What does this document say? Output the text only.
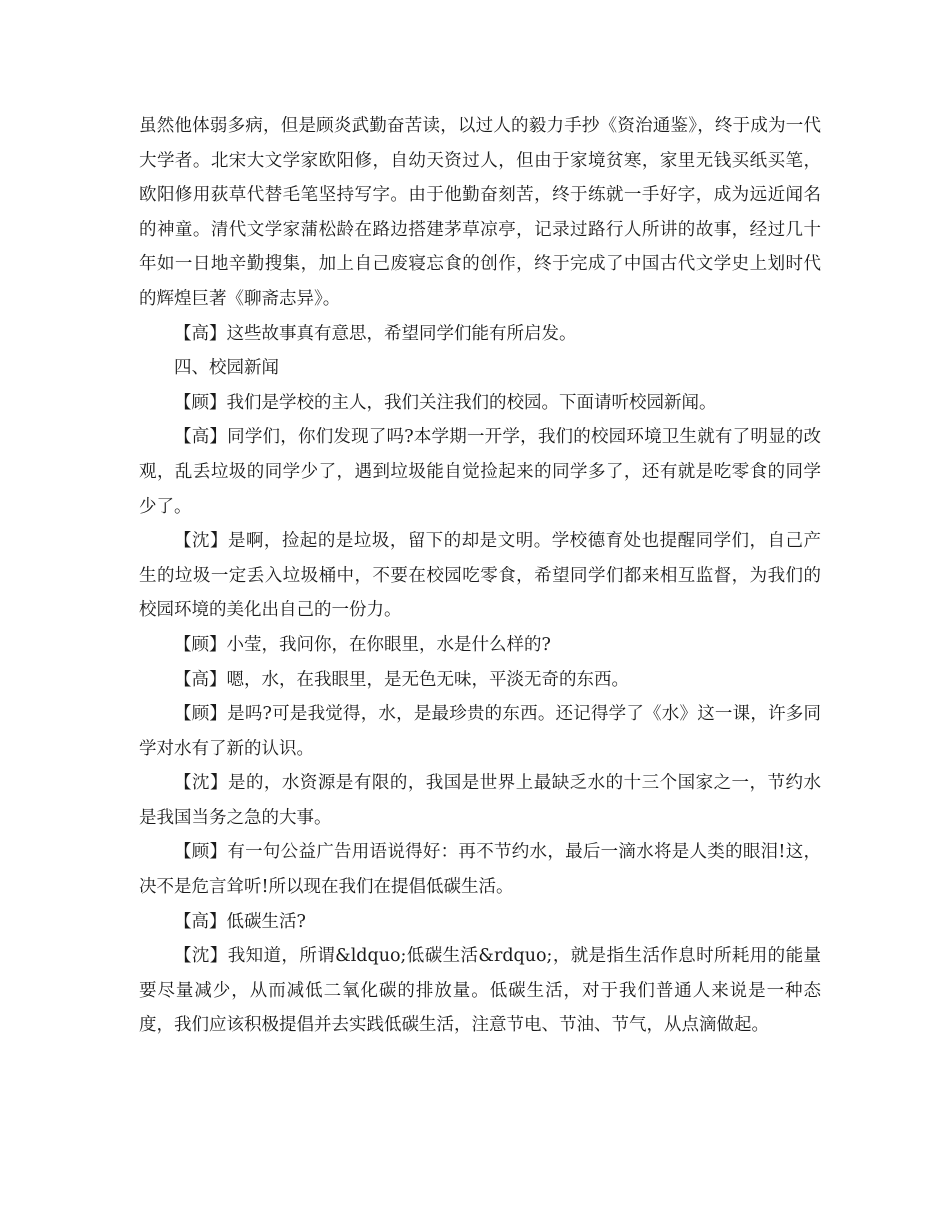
虽然他体弱多病，但是顾炎武勤奋苦读，以过人的毅力手抄《资治通鉴》，终于成为一代大学者。北宋大文学家欧阳修，自幼天资过人，但由于家境贫寒，家里无钱买纸买笔，欧阳修用荻草代替毛笔坚持写字。由于他勤奋刻苦，终于练就一手好字，成为远近闻名的神童。清代文学家蒲松龄在路边搭建茅草凉亭，记录过路行人所讲的故事，经过几十年如一日地辛勤搜集，加上自己废寝忘食的创作，终于完成了中国古代文学史上划时代的辉煌巨著《聊斋志异》。

【高】这些故事真有意思，希望同学们能有所启发。

四、校园新闻

【顾】我们是学校的主人，我们关注我们的校园。下面请听校园新闻。

【高】同学们，你们发现了吗?本学期一开学，我们的校园环境卫生就有了明显的改观，乱丢垃圾的同学少了，遇到垃圾能自觉捡起来的同学多了，还有就是吃零食的同学少了。

【沈】是啊，捡起的是垃圾，留下的却是文明。学校德育处也提醒同学们，自己产生的垃圾一定丢入垃圾桶中，不要在校园吃零食，希望同学们都来相互监督，为我们的校园环境的美化出自己的一份力。

【顾】小莹，我问你，在你眼里，水是什么样的?

【高】嗯，水，在我眼里，是无色无味，平淡无奇的东西。

【顾】是吗?可是我觉得，水，是最珍贵的东西。还记得学了《水》这一课，许多同学对水有了新的认识。

【沈】是的，水资源是有限的，我国是世界上最缺乏水的十三个国家之一，节约水是我国当务之急的大事。

【顾】有一句公益广告用语说得好：再不节约水，最后一滴水将是人类的眼泪!这，决不是危言耸听!所以现在我们在提倡低碳生活。

【高】低碳生活?

【沈】我知道，所谓&ldquo;低碳生活&rdquo;，就是指生活作息时所耗用的能量要尽量减少，从而减低二氧化碳的排放量。低碳生活，对于我们普通人来说是一种态度，我们应该积极提倡并去实践低碳生活，注意节电、节油、节气，从点滴做起。
